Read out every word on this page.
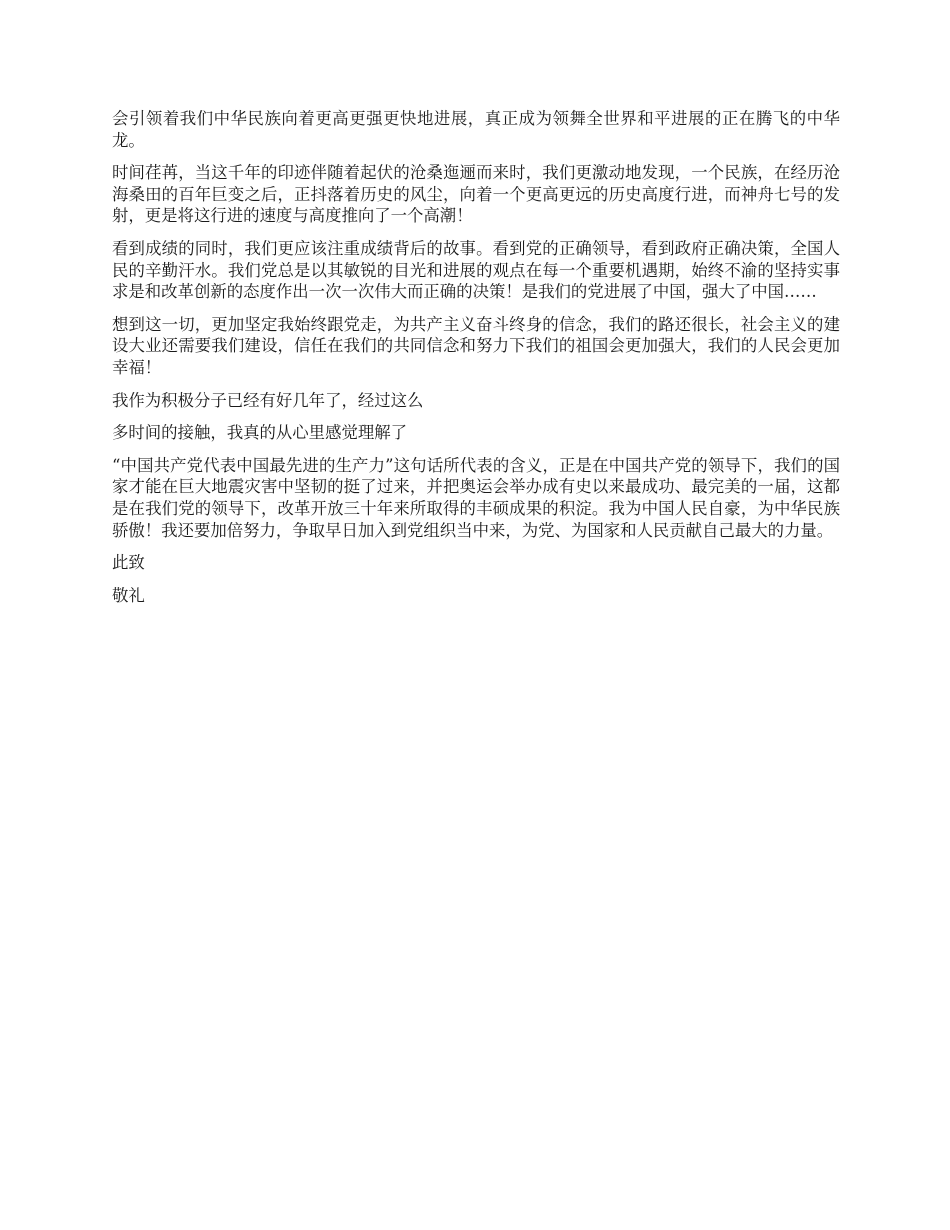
会引领着我们中华民族向着更高更强更快地进展，真正成为领舞全世界和平进展的正在腾飞的中华龙。

时间荏苒，当这千年的印迹伴随着起伏的沧桑迤逦而来时，我们更激动地发现，一个民族，在经历沧海桑田的百年巨变之后，正抖落着历史的风尘，向着一个更高更远的历史高度行进，而神舟七号的发射，更是将这行进的速度与高度推向了一个高潮！

看到成绩的同时，我们更应该注重成绩背后的故事。看到党的正确领导，看到政府正确决策，全国人民的辛勤汗水。我们党总是以其敏锐的目光和进展的观点在每一个重要机遇期，始终不渝的坚持实事求是和改革创新的态度作出一次一次伟大而正确的决策！是我们的党进展了中国，强大了中国……

想到这一切，更加坚定我始终跟党走，为共产主义奋斗终身的信念，我们的路还很长，社会主义的建设大业还需要我们建设，信任在我们的共同信念和努力下我们的祖国会更加强大，我们的人民会更加幸福！

我作为积极分子已经有好几年了，经过这么

多时间的接触，我真的从心里感觉理解了

“中国共产党代表中国最先进的生产力”这句话所代表的含义，正是在中国共产党的领导下，我们的国家才能在巨大地震灾害中坚韧的挺了过来，并把奥运会举办成有史以来最成功、最完美的一届，这都是在我们党的领导下，改革开放三十年来所取得的丰硕成果的积淀。我为中国人民自豪，为中华民族骄傲！我还要加倍努力，争取早日加入到党组织当中来，为党、为国家和人民贡献自己最大的力量。

此致

敬礼
